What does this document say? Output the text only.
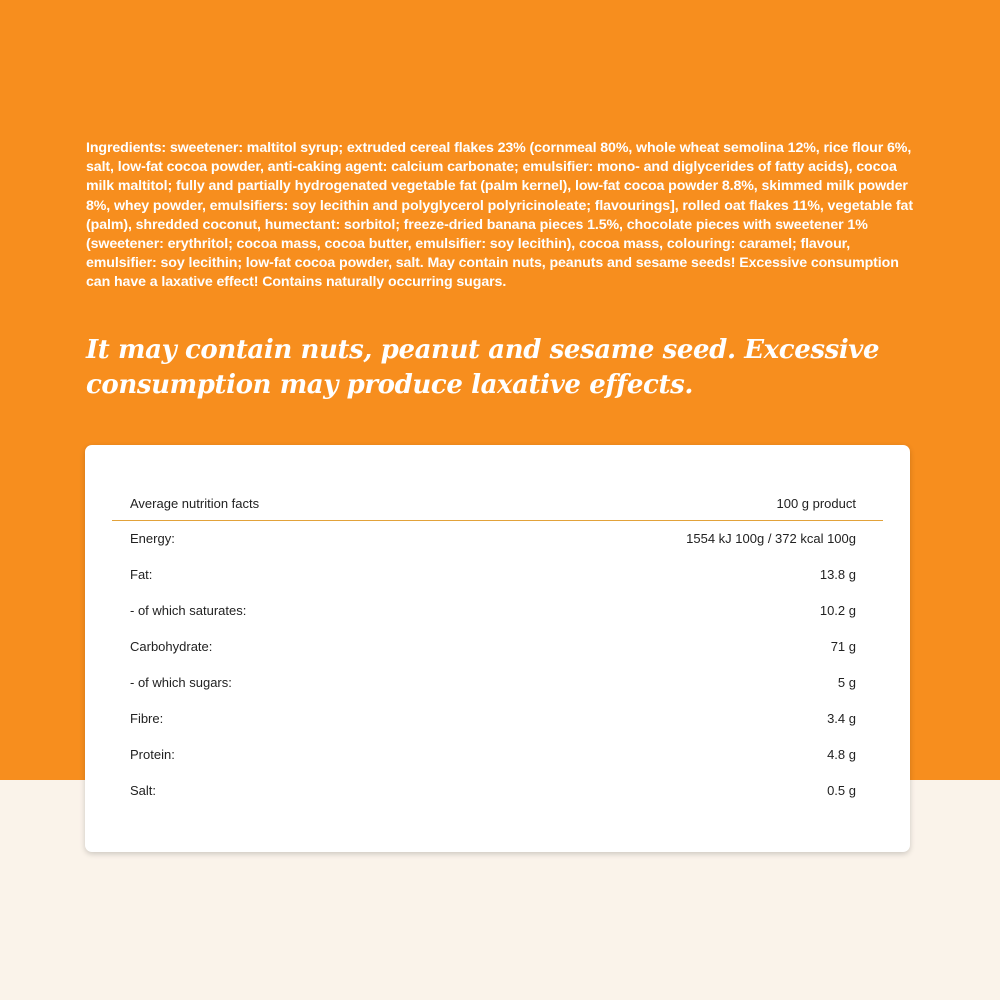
Ingredients: sweetener: maltitol syrup; extruded cereal flakes 23% (cornmeal 80%, whole wheat semolina 12%, rice flour 6%, salt, low-fat cocoa powder, anti-caking agent: calcium carbonate; emulsifier: mono- and diglycerides of fatty acids), cocoa milk maltitol; fully and partially hydrogenated vegetable fat (palm kernel), low-fat cocoa powder 8.8%, skimmed milk powder 8%, whey powder, emulsifiers: soy lecithin and polyglycerol polyricinoleate; flavourings], rolled oat flakes 11%, vegetable fat (palm), shredded coconut, humectant: sorbitol; freeze-dried banana pieces 1.5%, chocolate pieces with sweetener 1% (sweetener: erythritol; cocoa mass, cocoa butter, emulsifier: soy lecithin), cocoa mass, colouring: caramel; flavour, emulsifier: soy lecithin; low-fat cocoa powder, salt. May contain nuts, peanuts and sesame seeds! Excessive consumption can have a laxative effect! Contains naturally occurring sugars.

It may contain nuts, peanut and sesame seed. Excessive consumption may produce laxative effects.

Average nutrition facts	100 g product
Energy:	1554 kJ 100g / 372 kcal 100g
Fat:	13.8 g
- of which saturates:	10.2 g
Carbohydrate:	71 g
- of which sugars:	5 g
Fibre:	3.4 g
Protein:	4.8 g
Salt:	0.5 g
